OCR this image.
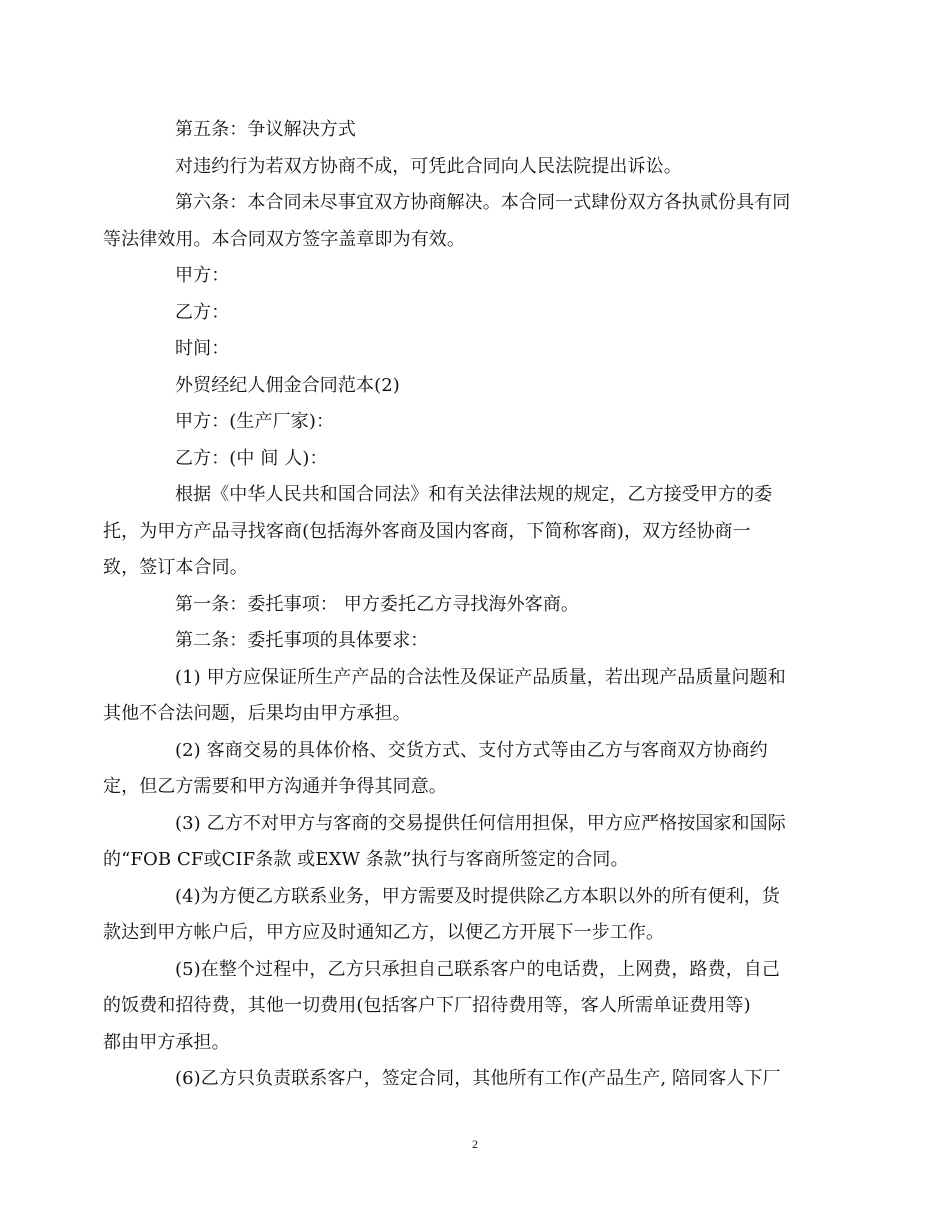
第五条：争议解决方式

对违约行为若双方协商不成，可凭此合同向人民法院提出诉讼。

第六条：本合同未尽事宜双方协商解决。本合同一式肆份双方各执贰份具有同
等法律效用。本合同双方签字盖章即为有效。

甲方：

乙方：

时间：

外贸经纪人佣金合同范本(2)

甲方：(生产厂家)：

乙方：(中 间 人)：

根据《中华人民共和国合同法》和有关法律法规的规定，乙方接受甲方的委
托，为甲方产品寻找客商(包括海外客商及国内客商，下简称客商)，双方经协商一
致，签订本合同。

第一条：委托事项： 甲方委托乙方寻找海外客商。

第二条：委托事项的具体要求：

(1) 甲方应保证所生产产品的合法性及保证产品质量，若出现产品质量问题和
其他不合法问题，后果均由甲方承担。

(2) 客商交易的具体价格、交货方式、支付方式等由乙方与客商双方协商约
定，但乙方需要和甲方沟通并争得其同意。

(3) 乙方不对甲方与客商的交易提供任何信用担保，甲方应严格按国家和国际
的“FOB CF或CIF条款 或EXW 条款”执行与客商所签定的合同。

(4)为方便乙方联系业务，甲方需要及时提供除乙方本职以外的所有便利，货
款达到甲方帐户后，甲方应及时通知乙方，以便乙方开展下一步工作。

(5)在整个过程中，乙方只承担自己联系客户的电话费，上网费，路费，自己
的饭费和招待费，其他一切费用(包括客户下厂招待费用等，客人所需单证费用等)
都由甲方承担。

(6)乙方只负责联系客户，签定合同，其他所有工作(产品生产, 陪同客人下厂

2
